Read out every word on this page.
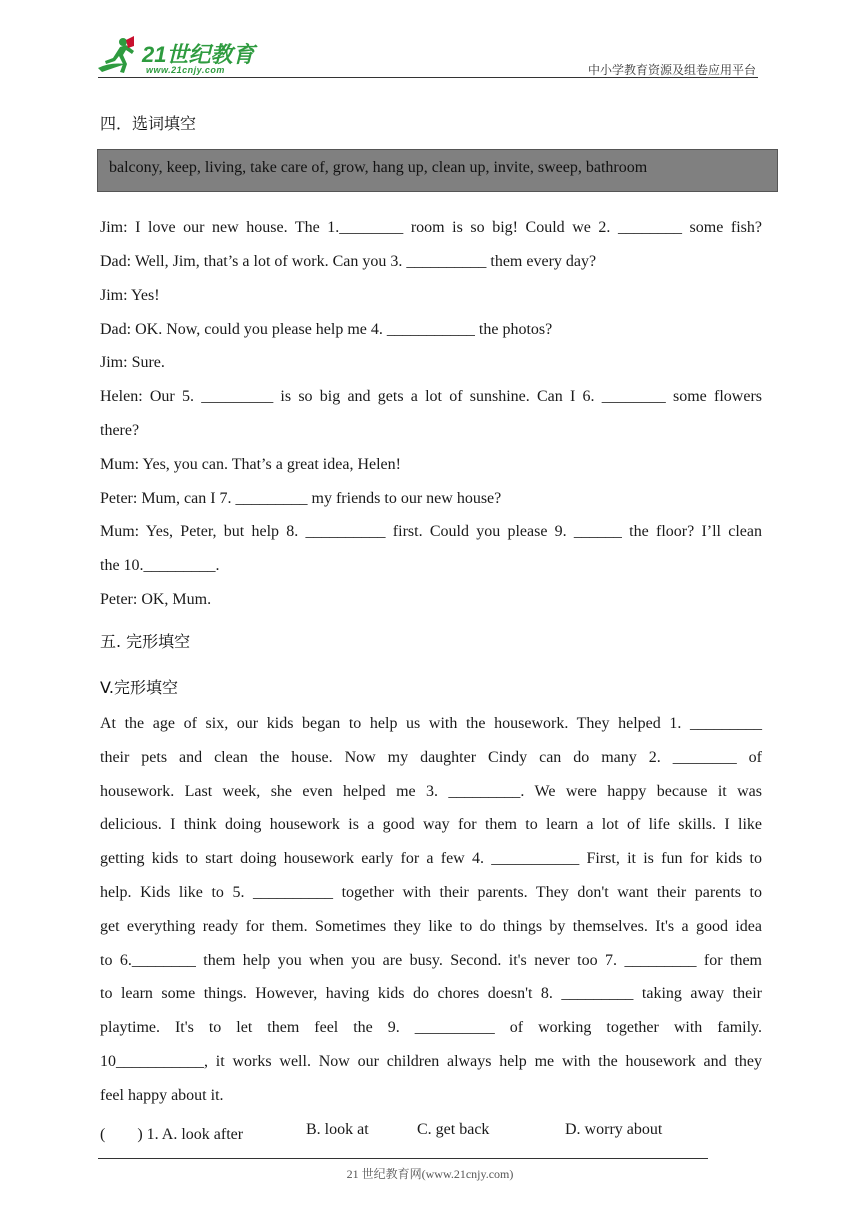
21世纪教育
www.21cnjy.com	中小学教育资源及组卷应用平台
四．选词填空
balcony, keep, living, take care of, grow, hang up, clean up, invite, sweep, bathroom
Jim: I love our new house. The 1.________ room is so big! Could we 2. ________ some fish?
Dad: Well, Jim, that’s a lot of work. Can you 3. __________ them every day?
Jim: Yes!
Dad: OK. Now, could you please help me 4. ___________ the photos?
Jim: Sure.
Helen: Our 5. _________ is so big and gets a lot of sunshine. Can I 6. ________ some flowers
there?
Mum: Yes, you can. That’s a great idea, Helen!
Peter: Mum, can I 7. _________ my friends to our new house?
Mum: Yes, Peter, but help 8. __________ first. Could you please 9. ______ the floor? I’ll clean
the 10._________.
Peter: OK, Mum.
五. 完形填空
V.完形填空
At the age of six, our kids began to help us with the housework. They helped 1. _________
their pets and clean the house. Now my daughter Cindy can do many 2. ________ of
housework. Last week, she even helped me 3. _________. We were happy because it was
delicious. I think doing housework is a good way for them to learn a lot of life skills. I like
getting kids to start doing housework early for a few 4. ___________ First, it is fun for kids to
help. Kids like to 5. __________ together with their parents. They don't want their parents to
get everything ready for them. Sometimes they like to do things by themselves. It's a good idea
to 6.________ them help you when you are busy. Second. it's never too 7. _________ for them
to learn some things. However, having kids do chores doesn't 8. _________ taking away their
playtime. It's to let them feel the 9. __________ of working together with family.
10___________, it works well. Now our children always help me with the housework and they
feel happy about it.
(　　) 1. A. look after	B. look at	C. get back	D. worry about
21 世纪教育网(www.21cnjy.com)
